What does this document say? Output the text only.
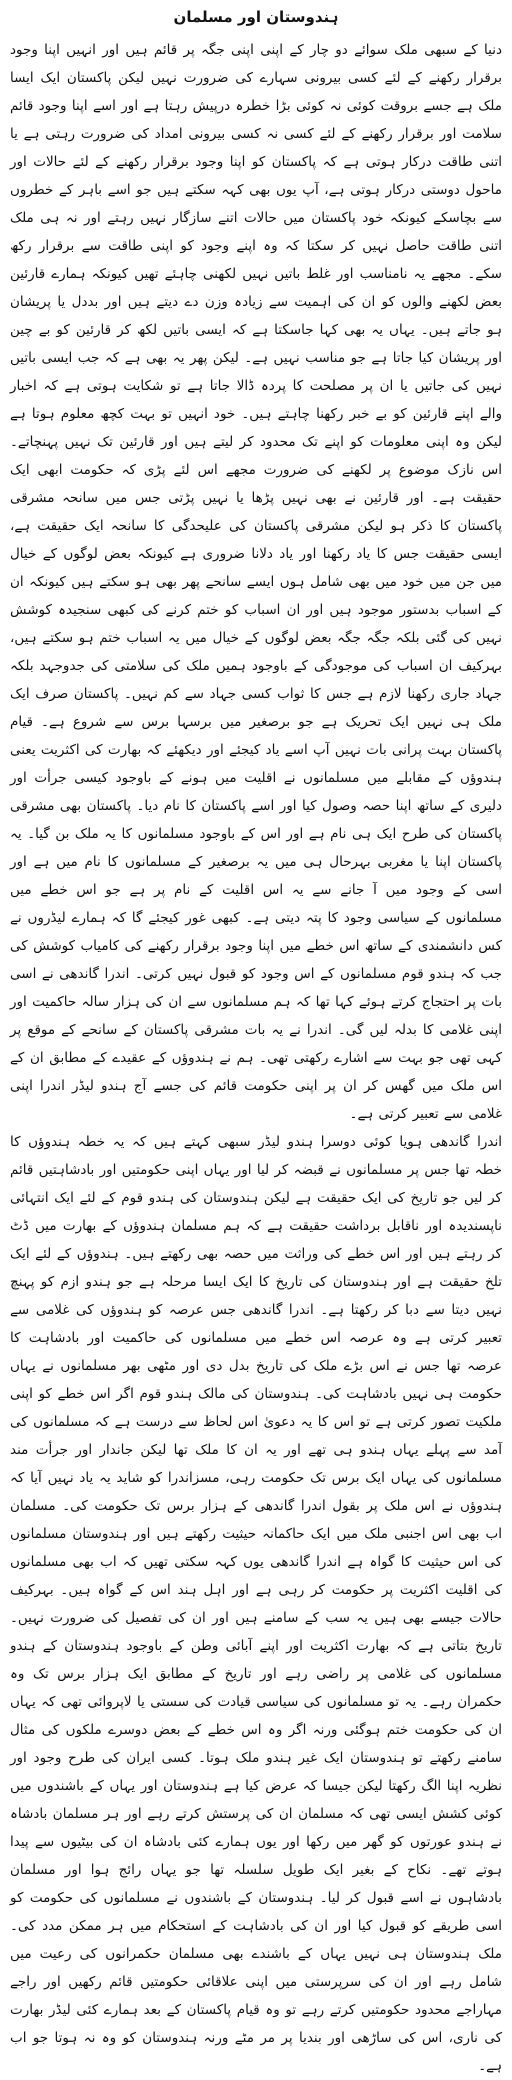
ہندوستان اور مسلمان

دنیا کے سبھی ملک سوائے دو چار کے اپنی اپنی جگہ پر قائم ہیں اور انہیں اپنا وجود برقرار رکھنے کے لئے کسی بیرونی سہارے کی ضرورت نہیں لیکن پاکستان ایک ایسا ملک ہے جسے بروقت کوئی نہ کوئی بڑا خطرہ درپیش رہتا ہے اور اسے اپنا وجود قائم سلامت اور برقرار رکھنے کے لئے کسی نہ کسی بیرونی امداد کی ضرورت رہتی ہے یا اتنی طاقت درکار ہوتی ہے کہ پاکستان کو اپنا وجود برقرار رکھنے کے لئے حالات اور ماحول دوستی درکار ہوتی ہے، آپ یوں بھی کہہ سکتے ہیں جو اسے باہر کے خطروں سے بچاسکے کیونکہ خود پاکستان میں حالات اتنے سازگار نہیں رہتے اور نہ ہی ملک اتنی طاقت حاصل نہیں کر سکتا کہ وہ اپنے وجود کو اپنی طاقت سے برقرار رکھ سکے۔ مجھے یہ نامناسب اور غلط باتیں نہیں لکھنی چاہئے تھیں کیونکہ ہمارے قارئین بعض لکھنے والوں کو ان کی اہمیت سے زیادہ وزن دے دیتے ہیں اور بددل یا پریشان ہو جاتے ہیں۔ یہاں یہ بھی کہا جاسکتا ہے کہ ایسی باتیں لکھ کر قارئین کو بے چین اور پریشان کیا جاتا ہے جو مناسب نہیں ہے۔ لیکن پھر یہ بھی ہے کہ جب ایسی باتیں نہیں کی جاتیں یا ان پر مصلحت کا پردہ ڈالا جاتا ہے تو شکایت ہوتی ہے کہ اخبار والے اپنے قارئین کو بے خبر رکھنا چاہتے ہیں۔ خود انہیں تو بہت کچھ معلوم ہوتا ہے لیکن وہ اپنی معلومات کو اپنے تک محدود کر لیتے ہیں اور قارئین تک نہیں پہنچاتے۔ اس نازک موضوع پر لکھنے کی ضرورت مجھے اس لئے پڑی کہ حکومت ابھی ایک حقیقت ہے۔ اور قارئین نے بھی نہیں پڑھا یا نہیں پڑتی جس میں سانحہ مشرقی پاکستان کا ذکر ہو لیکن مشرقی پاکستان کی علیحدگی کا سانحہ ایک حقیقت ہے، ایسی حقیقت جس کا یاد رکھنا اور یاد دلانا ضروری ہے کیونکہ بعض لوگوں کے خیال میں جن میں خود میں بھی شامل ہوں ایسے سانحے پھر بھی ہو سکتے ہیں کیونکہ ان کے اسباب بدستور موجود ہیں اور ان اسباب کو ختم کرنے کی کبھی سنجیدہ کوشش نہیں کی گئی بلکہ جگہ جگہ بعض لوگوں کے خیال میں یہ اسباب ختم ہو سکتے ہیں، بہرکیف ان اسباب کی موجودگی کے باوجود ہمیں ملک کی سلامتی کی جدوجہد بلکہ جہاد جاری رکھنا لازم ہے جس کا ثواب کسی جہاد سے کم نہیں۔ پاکستان صرف ایک ملک ہی نہیں ایک تحریک ہے جو برصغیر میں برسہا برس سے شروع ہے۔ قیام پاکستان بہت پرانی بات نہیں آپ اسے یاد کیجئے اور دیکھئے کہ بھارت کی اکثریت یعنی ہندوؤں کے مقابلے میں مسلمانوں نے اقلیت میں ہونے کے باوجود کیسی جرأت اور دلیری کے ساتھ اپنا حصہ وصول کیا اور اسے پاکستان کا نام دیا۔ پاکستان بھی مشرقی پاکستان کی طرح ایک ہی نام ہے اور اس کے باوجود مسلمانوں کا یہ ملک بن گیا۔ یہ پاکستان اپنا یا مغربی بہرحال ہی میں یہ برصغیر کے مسلمانوں کا نام میں ہے اور اسی کے وجود میں آ جانے سے یہ اس اقلیت کے نام پر ہے جو اس خطے میں مسلمانوں کے سیاسی وجود کا پتہ دیتی ہے۔ کبھی غور کیجئے گا کہ ہمارے لیڈروں نے کس دانشمندی کے ساتھ اس خطے میں اپنا وجود برقرار رکھنے کی کامیاب کوشش کی جب کہ ہندو قوم مسلمانوں کے اس وجود کو قبول نہیں کرتی۔ اندرا گاندھی نے اسی بات پر احتجاج کرتے ہوئے کہا تھا کہ ہم مسلمانوں سے ان کی ہزار سالہ حاکمیت اور اپنی غلامی کا بدلہ لیں گی۔ اندرا نے یہ بات مشرقی پاکستان کے سانحے کے موقع پر کہی تھی جو بہت سے اشارے رکھتی تھی۔ ہم نے ہندوؤں کے عقیدے کے مطابق ان کے اس ملک میں گھس کر ان پر اپنی حکومت قائم کی جسے آج ہندو لیڈر اندرا اپنی غلامی سے تعبیر کرتی ہے۔

اندرا گاندھی ہویا کوئی دوسرا ہندو لیڈر سبھی کہتے ہیں کہ یہ خطہ ہندوؤں کا خطہ تھا جس پر مسلمانوں نے قبضہ کر لیا اور یہاں اپنی حکومتیں اور بادشاہتیں قائم کر لیں جو تاریخ کی ایک حقیقت ہے لیکن ہندوستان کی ہندو قوم کے لئے ایک انتہائی ناپسندیدہ اور ناقابل برداشت حقیقت ہے کہ ہم مسلمان ہندوؤں کے بھارت میں ڈٹ کر رہتے ہیں اور اس خطے کی وراثت میں حصہ بھی رکھتے ہیں۔ ہندوؤں کے لئے ایک تلخ حقیقت ہے اور ہندوستان کی تاریخ کا ایک ایسا مرحلہ ہے جو ہندو ازم کو پہنچ نہیں دیتا سے دبا کر رکھتا ہے۔ اندرا گاندھی جس عرصہ کو ہندوؤں کی غلامی سے تعبیر کرتی ہے وہ عرصہ اس خطے میں مسلمانوں کی حاکمیت اور بادشاہت کا عرصہ تھا جس نے اس بڑے ملک کی تاریخ بدل دی اور مٹھی بھر مسلمانوں نے یہاں حکومت ہی نہیں بادشاہت کی۔ ہندوستان کی مالک ہندو قوم اگر اس خطے کو اپنی ملکیت تصور کرتی ہے تو اس کا یہ دعویٰ اس لحاظ سے درست ہے کہ مسلمانوں کی آمد سے پہلے یہاں ہندو ہی تھے اور یہ ان کا ملک تھا لیکن جاندار اور جرأت مند مسلمانوں کی یہاں ایک برس تک حکومت رہی، مسزاندرا کو شاید یہ یاد نہیں آیا کہ ہندوؤں نے اس ملک پر بقول اندرا گاندھی کے ہزار برس تک حکومت کی۔ مسلمان اب بھی اس اجنبی ملک میں ایک حاکمانہ حیثیت رکھتے ہیں اور ہندوستان مسلمانوں کی اس حیثیت کا گواہ ہے اندرا گاندھی یوں کہہ سکتی تھیں کہ اب بھی مسلمانوں کی اقلیت اکثریت پر حکومت کر رہی ہے اور اہل ہند اس کے گواہ ہیں۔ بہرکیف حالات جیسے بھی ہیں یہ سب کے سامنے ہیں اور ان کی تفصیل کی ضرورت نہیں۔ تاریخ بتاتی ہے کہ بھارت اکثریت اور اپنے آبائی وطن کے باوجود ہندوستان کے ہندو مسلمانوں کی غلامی پر راضی رہے اور تاریخ کے مطابق ایک ہزار برس تک وہ حکمران رہے۔ یہ تو مسلمانوں کی سیاسی قیادت کی سستی یا لاپروائی تھی کہ یہاں ان کی حکومت ختم ہوگئی ورنہ اگر وہ اس خطے کے بعض دوسرے ملکوں کی مثال سامنے رکھتے تو ہندوستان ایک غیر ہندو ملک ہوتا۔ کسی ایران کی طرح وجود اور نظریہ اپنا الگ رکھتا لیکن جیسا کہ عرض کیا ہے ہندوستان اور یہاں کے باشندوں میں کوئی کشش ایسی تھی کہ مسلمان ان کی پرستش کرتے رہے اور ہر مسلمان بادشاہ نے ہندو عورتوں کو گھر میں رکھا اور یوں ہمارے کئی بادشاہ ان کی بیٹیوں سے پیدا ہوتے تھے۔ نکاح کے بغیر ایک طویل سلسلہ تھا جو یہاں رائج ہوا اور مسلمان بادشاہوں نے اسے قبول کر لیا۔ ہندوستان کے باشندوں نے مسلمانوں کی حکومت کو اسی طریقے کو قبول کیا اور ان کی بادشاہت کے استحکام میں ہر ممکن مدد کی۔ ملک ہندوستان ہی نہیں یہاں کے باشندے بھی مسلمان حکمرانوں کی رعیت میں شامل رہے اور ان کی سرپرستی میں اپنی علاقائی حکومتیں قائم رکھیں اور راجے مہاراجے محدود حکومتیں کرتے رہے تو وہ قیام پاکستان کے بعد ہمارے کئی لیڈر بھارت کی ناری، اس کی ساڑھی اور بندیا پر مر مٹے ورنہ ہندوستان کو وہ نہ ہوتا جو اب ہے۔
